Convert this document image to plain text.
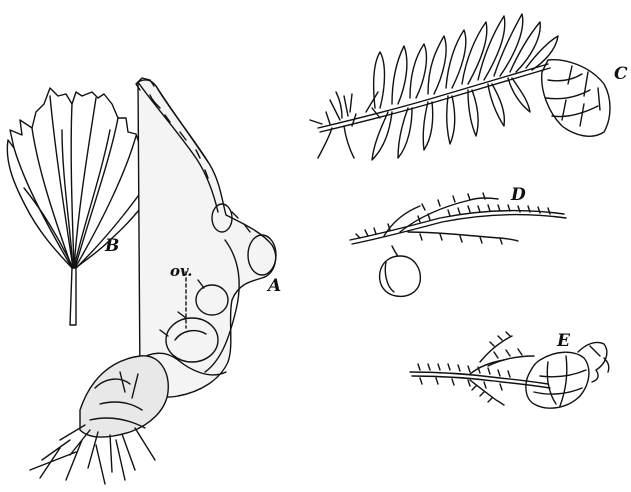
A
B
C
D
E
ov.
